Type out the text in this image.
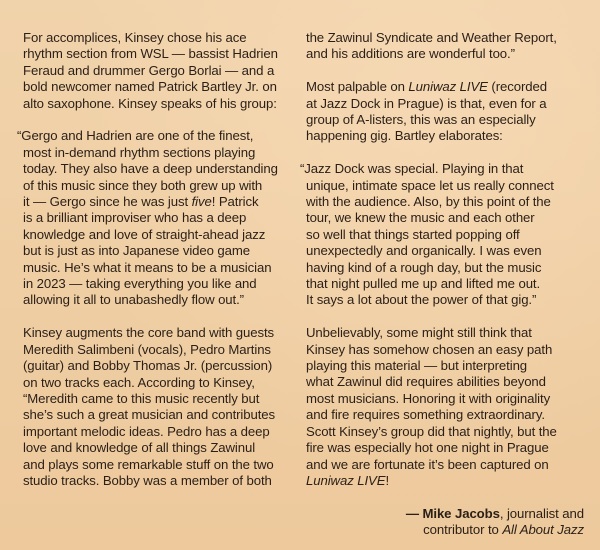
For accomplices, Kinsey chose his ace
rhythm section from WSL — bassist Hadrien
Feraud and drummer Gergo Borlai — and a
bold newcomer named Patrick Bartley Jr. on
alto saxophone. Kinsey speaks of his group:

“Gergo and Hadrien are one of the finest,
most in-demand rhythm sections playing
today. They also have a deep understanding
of this music since they both grew up with
it — Gergo since he was just five! Patrick
is a brilliant improviser who has a deep
knowledge and love of straight-ahead jazz
but is just as into Japanese video game
music. He’s what it means to be a musician
in 2023 — taking everything you like and
allowing it all to unabashedly flow out.”

Kinsey augments the core band with guests
Meredith Salimbeni (vocals), Pedro Martins
(guitar) and Bobby Thomas Jr. (percussion)
on two tracks each. According to Kinsey,
“Meredith came to this music recently but
she’s such a great musician and contributes
important melodic ideas. Pedro has a deep
love and knowledge of all things Zawinul
and plays some remarkable stuff on the two
studio tracks. Bobby was a member of both

the Zawinul Syndicate and Weather Report,
and his additions are wonderful too.”

Most palpable on Luniwaz LIVE (recorded
at Jazz Dock in Prague) is that, even for a
group of A-listers, this was an especially
happening gig. Bartley elaborates:

“Jazz Dock was special. Playing in that
unique, intimate space let us really connect
with the audience. Also, by this point of the
tour, we knew the music and each other
so well that things started popping off
unexpectedly and organically. I was even
having kind of a rough day, but the music
that night pulled me up and lifted me out.
It says a lot about the power of that gig.”

Unbelievably, some might still think that
Kinsey has somehow chosen an easy path
playing this material — but interpreting
what Zawinul did requires abilities beyond
most musicians. Honoring it with originality
and fire requires something extraordinary.
Scott Kinsey’s group did that nightly, but the
fire was especially hot one night in Prague
and we are fortunate it’s been captured on
Luniwaz LIVE!

— Mike Jacobs, journalist and
contributor to All About Jazz
